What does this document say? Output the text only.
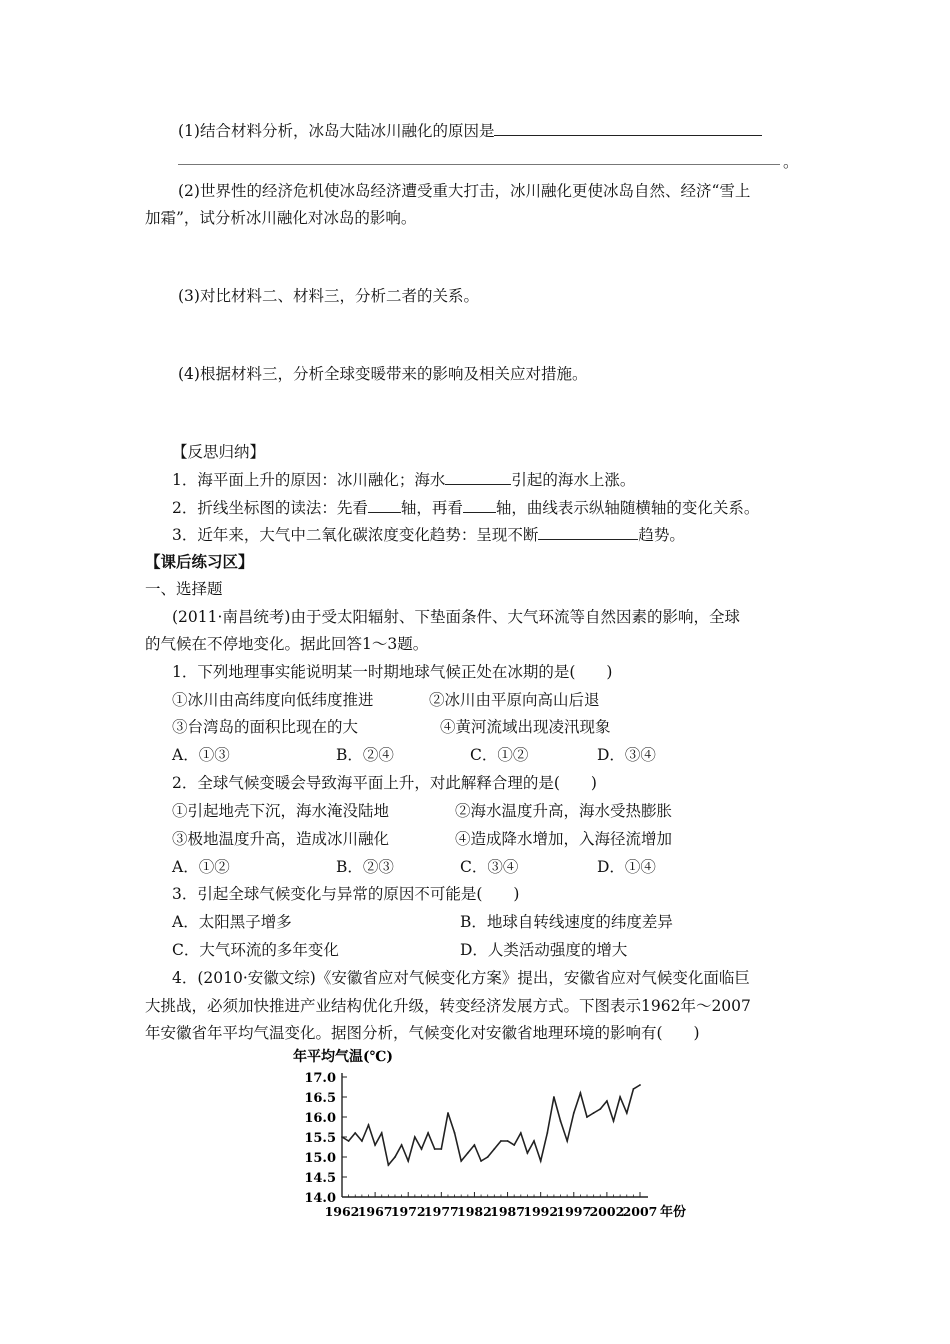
(1)结合材料分析，冰岛大陆冰川融化的原因是
。
(2)世界性的经济危机使冰岛经济遭受重大打击，冰川融化更使冰岛自然、经济“雪上
加霜”，试分析冰川融化对冰岛的影响。
(3)对比材料二、材料三，分析二者的关系。
(4)根据材料三，分析全球变暖带来的影响及相关应对措施。
【反思归纳】
1．海平面上升的原因：冰川融化；海水	引起的海水上涨。
2．折线坐标图的读法：先看 轴，再看 轴，曲线表示纵轴随横轴的变化关系。
3．近年来，大气中二氧化碳浓度变化趋势：呈现不断	趋势。
【课后练习区】
一、选择题
(2011·南昌统考)由于受太阳辐射、下垫面条件、大气环流等自然因素的影响，全球
的气候在不停地变化。据此回答1～3题。
1．下列地理事实能说明某一时期地球气候正处在冰期的是(　　)
①冰川由高纬度向低纬度推进	②冰川由平原向高山后退
③台湾岛的面积比现在的大	④黄河流域出现凌汛现象
A．①③	B．②④	C．①②	D．③④
2．全球气候变暖会导致海平面上升，对此解释合理的是(　　)
①引起地壳下沉，海水淹没陆地	②海水温度升高，海水受热膨胀
③极地温度升高，造成冰川融化	④造成降水增加，入海径流增加
A．①②	B．②③	C．③④	D．①④
3．引起全球气候变化与异常的原因不可能是(　　)
A．太阳黑子增多	B．地球自转线速度的纬度差异
C．大气环流的多年变化	D．人类活动强度的增大
4．(2010·安徽文综)《安徽省应对气候变化方案》提出，安徽省应对气候变化面临巨
大挑战，必须加快推进产业结构优化升级，转变经济发展方式。下图表示1962年～2007
年安徽省年平均气温变化。据图分析，气候变化对安徽省地理环境的影响有(　　)
年平均气温(℃)
17.0
16.5
16.0
15.5
15.0
14.5
14.0
1962
1967
1972
1977
1982
1987
1992
1997
2002
2007 年份
